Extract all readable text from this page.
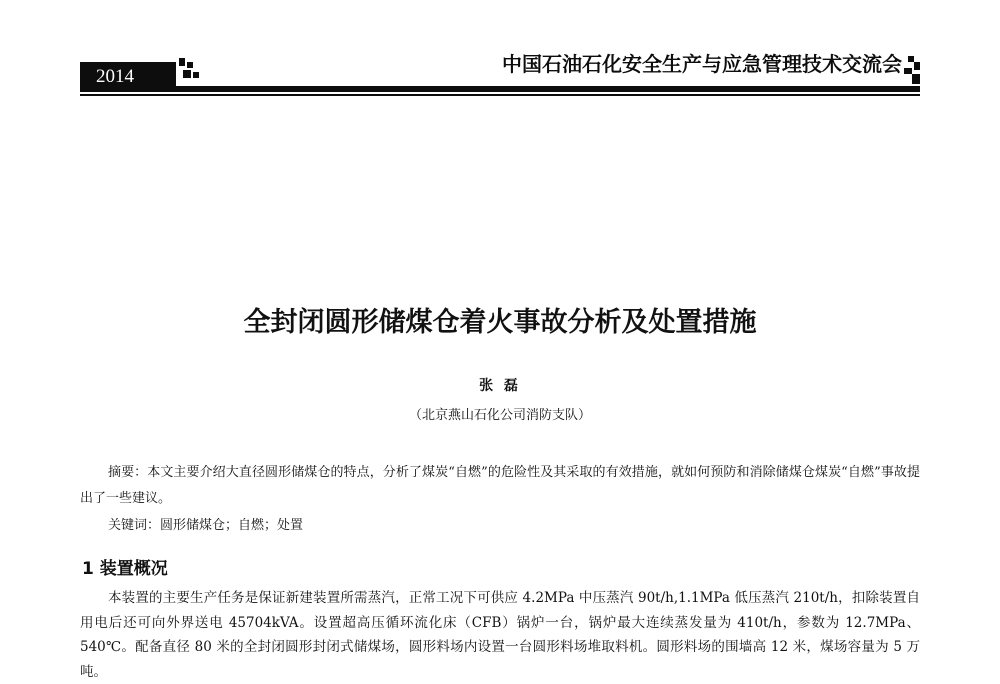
2014
中国石油石化安全生产与应急管理技术交流会
全封闭圆形储煤仓着火事故分析及处置措施
张 磊
（北京燕山石化公司消防支队）

摘要：本文主要介绍大直径圆形储煤仓的特点，分析了煤炭“自燃”的危险性及其采取的有效措施，就如何预防和消除储煤仓煤炭“自燃”事故提出了一些建议。

关键词：圆形储煤仓；自燃；处置
1 装置概况

本装置的主要生产任务是保证新建装置所需蒸汽，正常工况下可供应 4.2MPa 中压蒸汽 90t/h,1.1MPa 低压蒸汽 210t/h，扣除装置自用电后还可向外界送电 45704kVA。设置超高压循环流化床（CFB）锅炉一台，锅炉最大连续蒸发量为 410t/h，参数为 12.7MPa、540℃。配备直径 80 米的全封闭圆形封闭式储煤场，圆形料场内设置一台圆形料场堆取料机。圆形料场的围墙高 12 米，煤场容量为 5 万吨。
